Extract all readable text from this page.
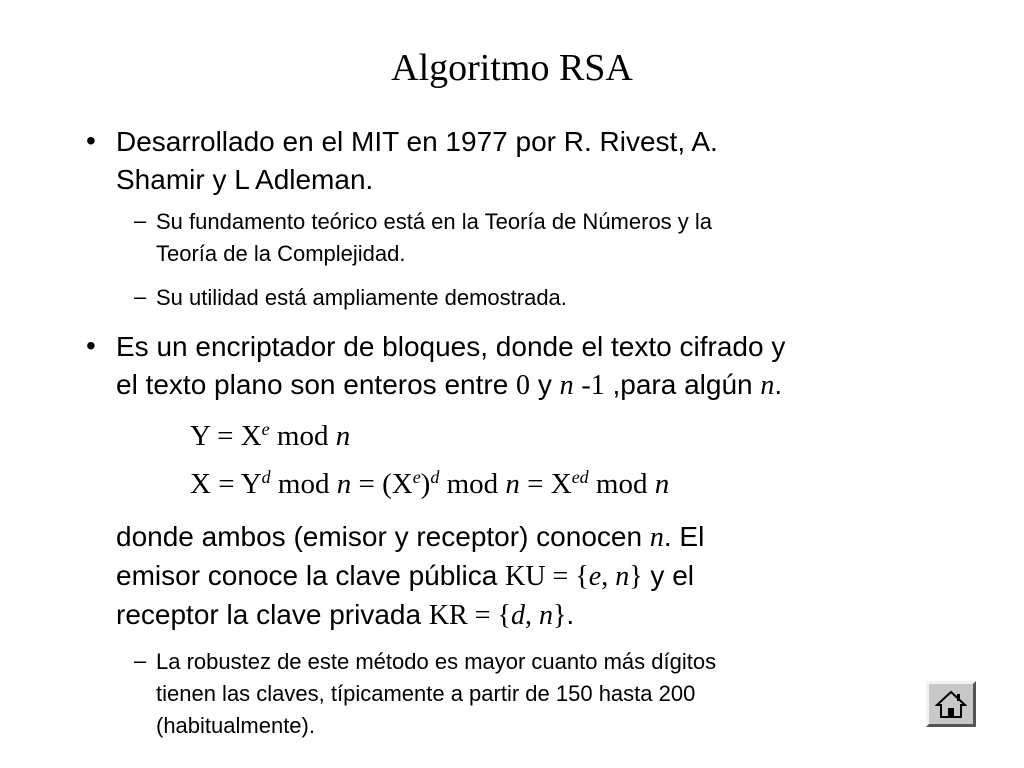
Algoritmo RSA
• Desarrollado en el MIT en 1977 por R. Rivest, A.
Shamir y L Adleman.
– Su fundamento teórico está en la Teoría de Números y la
Teoría de la Complejidad.
– Su utilidad está ampliamente demostrada.
• Es un encriptador de bloques, donde el texto cifrado y
el texto plano son enteros entre 0 y n -1 ,para algún n.
$Y = X^e$ mod n
$X = Y^d$ mod $n = (X^e)^d$ mod $n = X^{ed}$ mod n
donde ambos (emisor y receptor) conocen n. El
emisor conoce la clave pública KU = {e, n} y el
receptor la clave privada KR = {d, n}.
– La robustez de este método es mayor cuanto más dígitos
tienen las claves, típicamente a partir de 150 hasta 200
(habitualmente).
